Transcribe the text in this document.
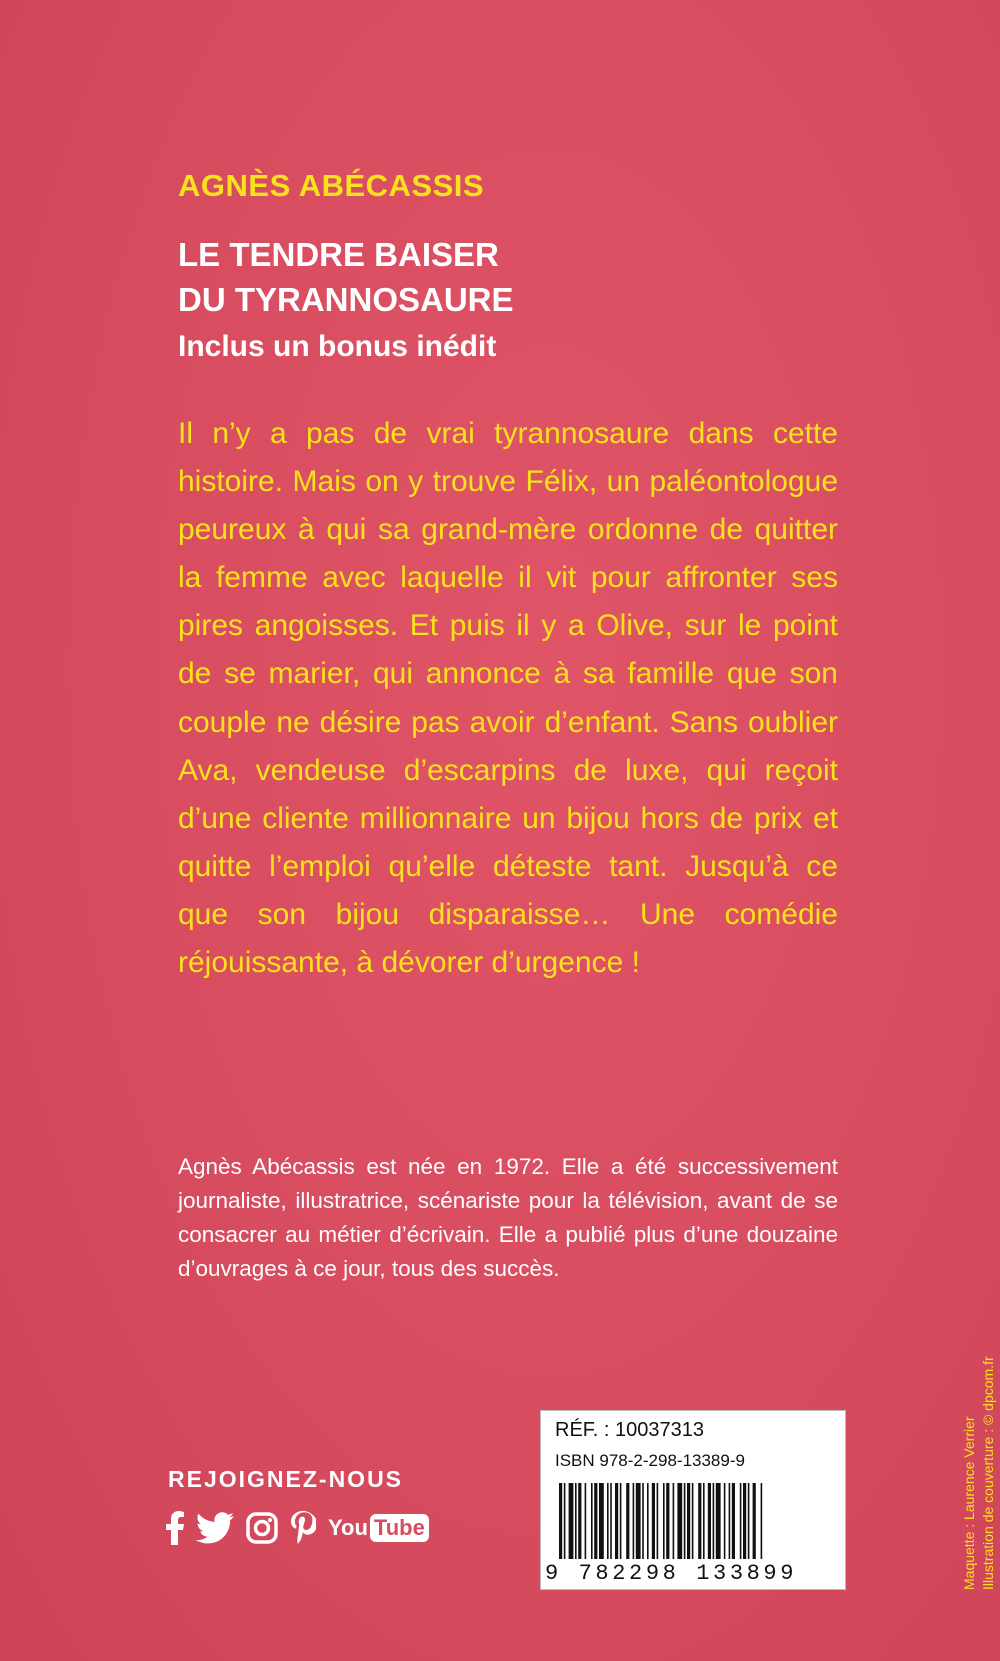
AGNÈS ABÉCASSIS
LE TENDRE BAISER
DU TYRANNOSAURE

Inclus un bonus inédit

Il n’y a pas de vrai tyrannosaure dans cette histoire. Mais on y trouve Félix, un paléontologue peureux à qui sa grand-mère ordonne de quitter la femme avec laquelle il vit pour affronter ses pires angoisses. Et puis il y a Olive, sur le point de se marier, qui annonce à sa famille que son couple ne désire pas avoir d’enfant. Sans oublier Ava, vendeuse d’escarpins de luxe, qui reçoit d’une cliente millionnaire un bijou hors de prix et quitte l’emploi qu’elle déteste tant. Jusqu’à ce que son bijou disparaisse… Une comédie réjouissante, à dévorer d’urgence !

Agnès Abécassis est née en 1972. Elle a été successivement journaliste, illustratrice, scénariste pour la télévision, avant de se consacrer au métier d’écrivain. Elle a publié plus d’une douzaine d’ouvrages à ce jour, tous des succès.

REJOIGNEZ-NOUS
You Tube
RÉF. : 10037313
ISBN 978-2-298-13389-9
9 782298 133899	Maquette : Laurence Verrier Illustration de couverture : © dpcom.fr
